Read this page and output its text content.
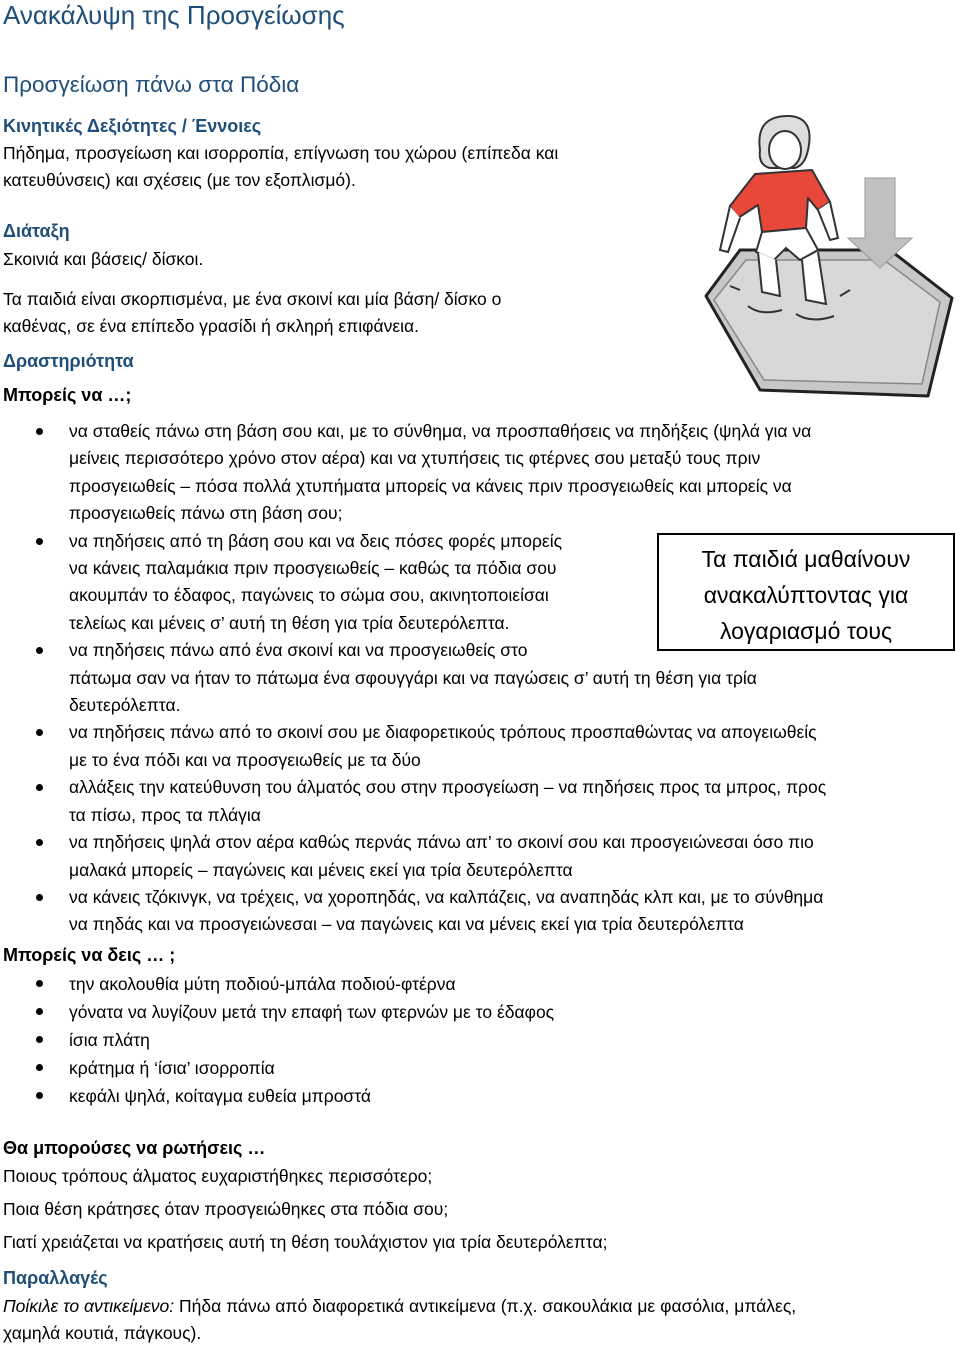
Ανακάλυψη της Προσγείωσης
Προσγείωση πάνω στα Πόδια
Κινητικές Δεξιότητες / Έννοιες
Πήδημα, προσγείωση και ισορροπία, επίγνωση του χώρου (επίπεδα και
κατευθύνσεις) και σχέσεις (με τον εξοπλισμό).
Διάταξη
Σκοινιά και βάσεις/ δίσκοι.
Τα παιδιά είναι σκορπισμένα, με ένα σκοινί και μία βάση/ δίσκο ο
καθένας, σε ένα επίπεδο γρασίδι ή σκληρή επιφάνεια.
Δραστηριότητα
Μπορείς να …;
να σταθείς πάνω στη βάση σου και, με το σύνθημα, να προσπαθήσεις να πηδήξεις (ψηλά για να
μείνεις περισσότερο χρόνο στον αέρα) και να χτυπήσεις τις φτέρνες σου μεταξύ τους πριν
προσγειωθείς – πόσα πολλά χτυπήματα μπορείς να κάνεις πριν προσγειωθείς και μπορείς να
προσγειωθείς πάνω στη βάση σου;
να πηδήσεις από τη βάση σου και να δεις πόσες φορές μπορείς
να κάνεις παλαμάκια πριν προσγειωθείς – καθώς τα πόδια σου
ακουμπάν το έδαφος, παγώνεις το σώμα σου, ακινητοποιείσαι
τελείως και μένεις σ’ αυτή τη θέση για τρία δευτερόλεπτα.
να πηδήσεις πάνω από ένα σκοινί και να προσγειωθείς στο
πάτωμα σαν να ήταν το πάτωμα ένα σφουγγάρι και να παγώσεις σ’ αυτή τη θέση για τρία
δευτερόλεπτα.
να πηδήσεις πάνω από το σκοινί σου με διαφορετικούς τρόπους προσπαθώντας να απογειωθείς
με το ένα πόδι και να προσγειωθείς με τα δύο
αλλάξεις την κατεύθυνση του άλματός σου στην προσγείωση – να πηδήσεις προς τα μπρος, προς
τα πίσω, προς τα πλάγια
να πηδήσεις ψηλά στον αέρα καθώς περνάς πάνω απ’ το σκοινί σου και προσγειώνεσαι όσο πιο
μαλακά μπορείς – παγώνεις και μένεις εκεί για τρία δευτερόλεπτα
να κάνεις τζόκινγκ, να τρέχεις, να χοροπηδάς, να καλπάζεις, να αναπηδάς κλπ και, με το σύνθημα
να πηδάς και να προσγειώνεσαι – να παγώνεις και να μένεις εκεί για τρία δευτερόλεπτα
Τα παιδιά μαθαίνουν
ανακαλύπτοντας για
λογαριασμό τους
Μπορείς να δεις … ;
την ακολουθία μύτη ποδιού-μπάλα ποδιού-φτέρνα
γόνατα να λυγίζουν μετά την επαφή των φτερνών με το έδαφος
ίσια πλάτη
κράτημα ή ‘ίσια’ ισορροπία
κεφάλι ψηλά, κοίταγμα ευθεία μπροστά
Θα μπορούσες να ρωτήσεις …
Ποιους τρόπους άλματος ευχαριστήθηκες περισσότερο;
Ποια θέση κράτησες όταν προσγειώθηκες στα πόδια σου;
Γιατί χρειάζεται να κρατήσεις αυτή τη θέση τουλάχιστον για τρία δευτερόλεπτα;
Παραλλαγές
Ποίκιλε το αντικείμενο: Πήδα πάνω από διαφορετικά αντικείμενα (π.χ. σακουλάκια με φασόλια, μπάλες,
χαμηλά κουτιά, πάγκους).
